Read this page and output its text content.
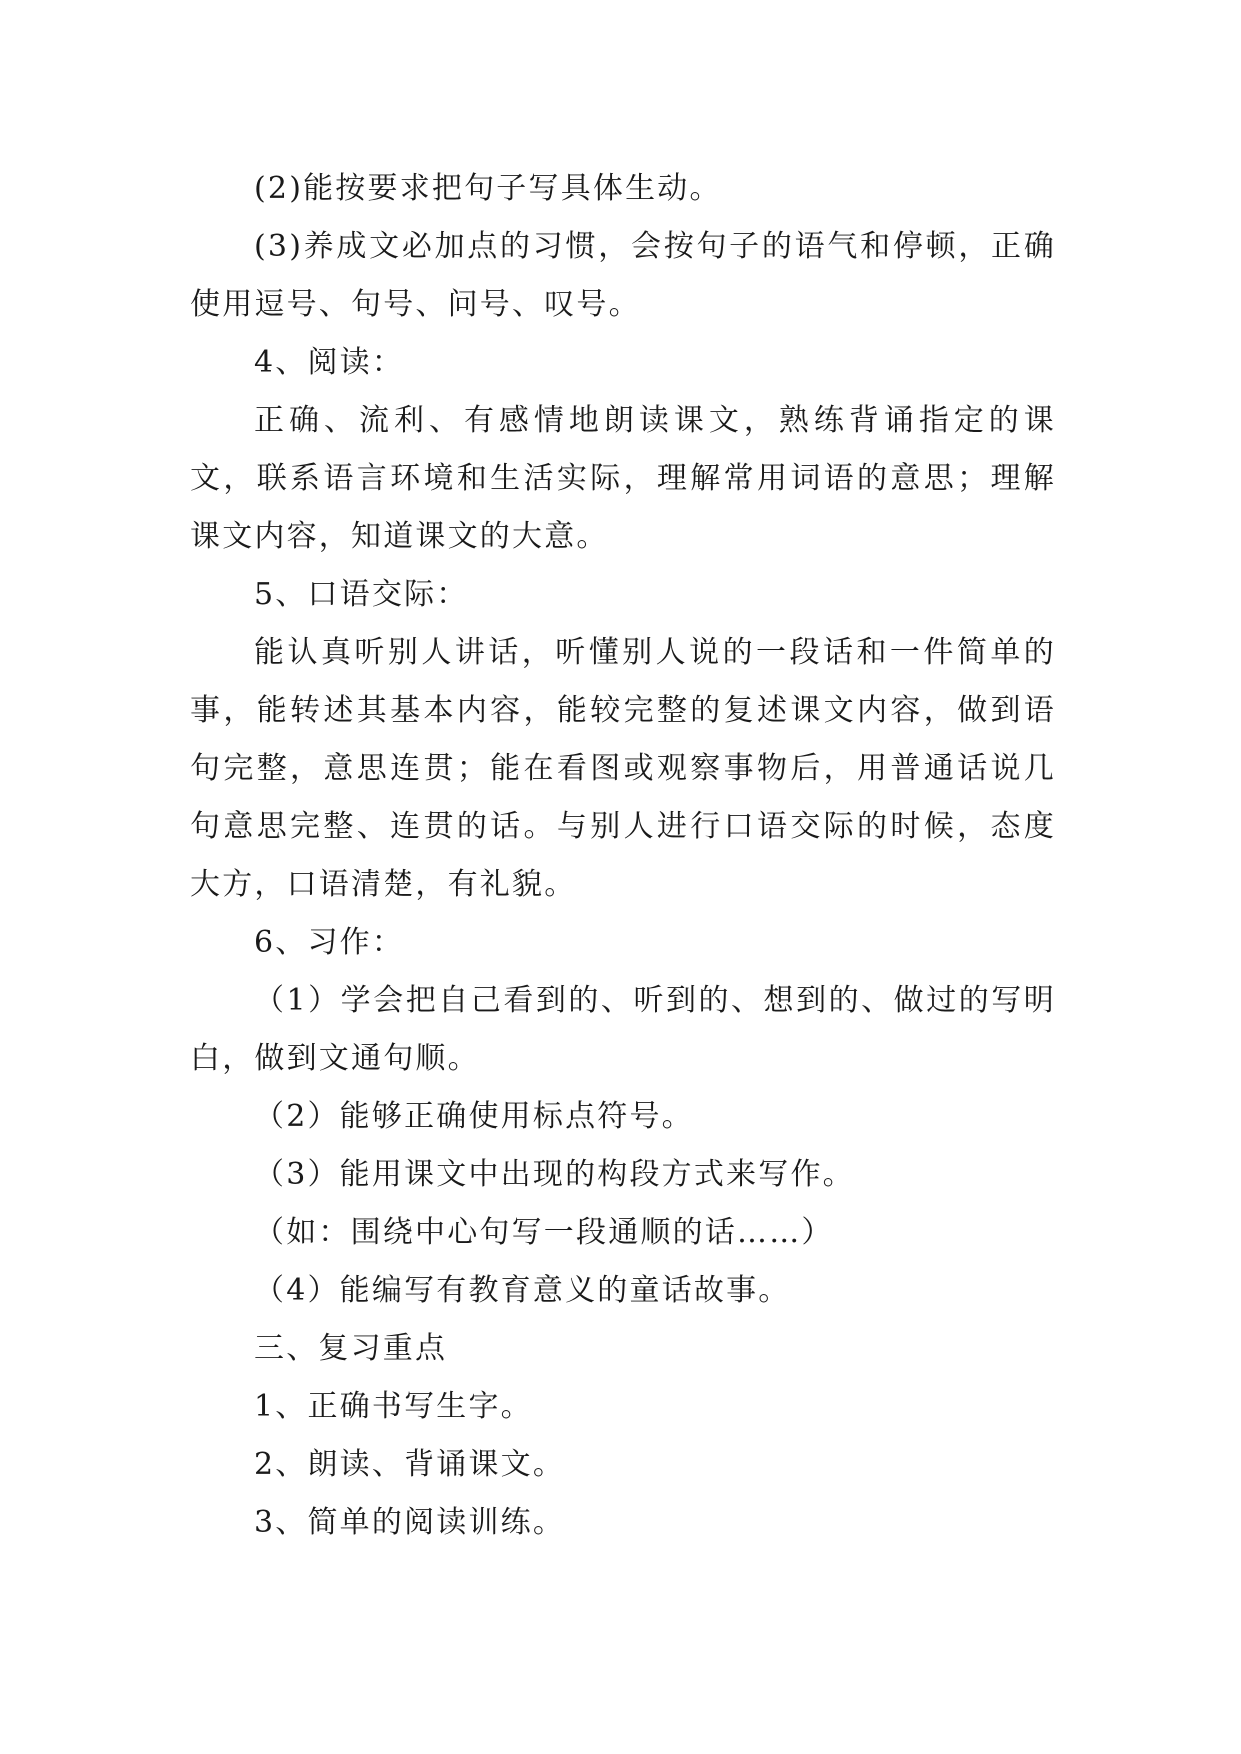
(2)能按要求把句子写具体生动。

(3)养成文必加点的习惯，会按句子的语气和停顿，正确使用逗号、句号、问号、叹号。

4、阅读：

正确、流利、有感情地朗读课文，熟练背诵指定的课文，联系语言环境和生活实际，理解常用词语的意思；理解课文内容，知道课文的大意。

5、口语交际：

能认真听别人讲话，听懂别人说的一段话和一件简单的事，能转述其基本内容，能较完整的复述课文内容，做到语句完整，意思连贯；能在看图或观察事物后，用普通话说几句意思完整、连贯的话。与别人进行口语交际的时候，态度大方，口语清楚，有礼貌。

6、习作：

（1）学会把自己看到的、听到的、想到的、做过的写明白，做到文通句顺。

（2）能够正确使用标点符号。

（3）能用课文中出现的构段方式来写作。

（如：围绕中心句写一段通顺的话……）

（4）能编写有教育意义的童话故事。

三、复习重点

1、正确书写生字。

2、朗读、背诵课文。

3、简单的阅读训练。
